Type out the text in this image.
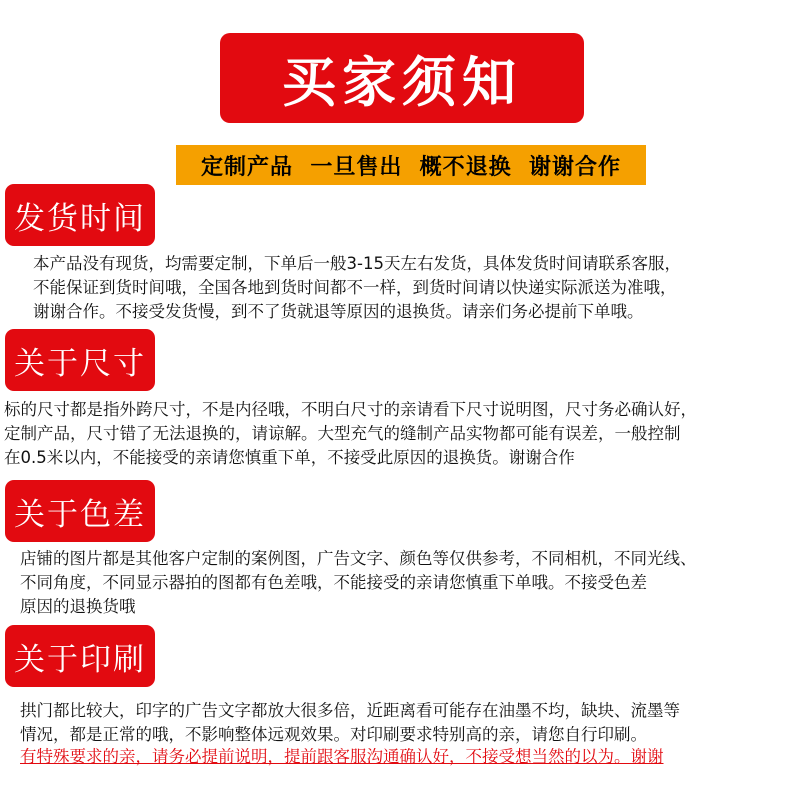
买家须知
定制产品  一旦售出  概不退换  谢谢合作
发货时间
本产品没有现货，均需要定制，下单后一般3-15天左右发货，具体发货时间请联系客服，
不能保证到货时间哦，全国各地到货时间都不一样，到货时间请以快递实际派送为准哦，
谢谢合作。不接受发货慢，到不了货就退等原因的退换货。请亲们务必提前下单哦。
关于尺寸
标的尺寸都是指外跨尺寸，不是内径哦，不明白尺寸的亲请看下尺寸说明图，尺寸务必确认好，
定制产品，尺寸错了无法退换的，请谅解。大型充气的缝制产品实物都可能有误差，一般控制
在0.5米以内，不能接受的亲请您慎重下单，不接受此原因的退换货。谢谢合作
关于色差
店铺的图片都是其他客户定制的案例图，广告文字、颜色等仅供参考，不同相机，不同光线、
不同角度，不同显示器拍的图都有色差哦，不能接受的亲请您慎重下单哦。不接受色差
原因的退换货哦
关于印刷
拱门都比较大，印字的广告文字都放大很多倍，近距离看可能存在油墨不均，缺块、流墨等
情况，都是正常的哦，不影响整体远观效果。对印刷要求特别高的亲，请您自行印刷。
有特殊要求的亲，请务必提前说明，提前跟客服沟通确认好，不接受想当然的以为。谢谢
